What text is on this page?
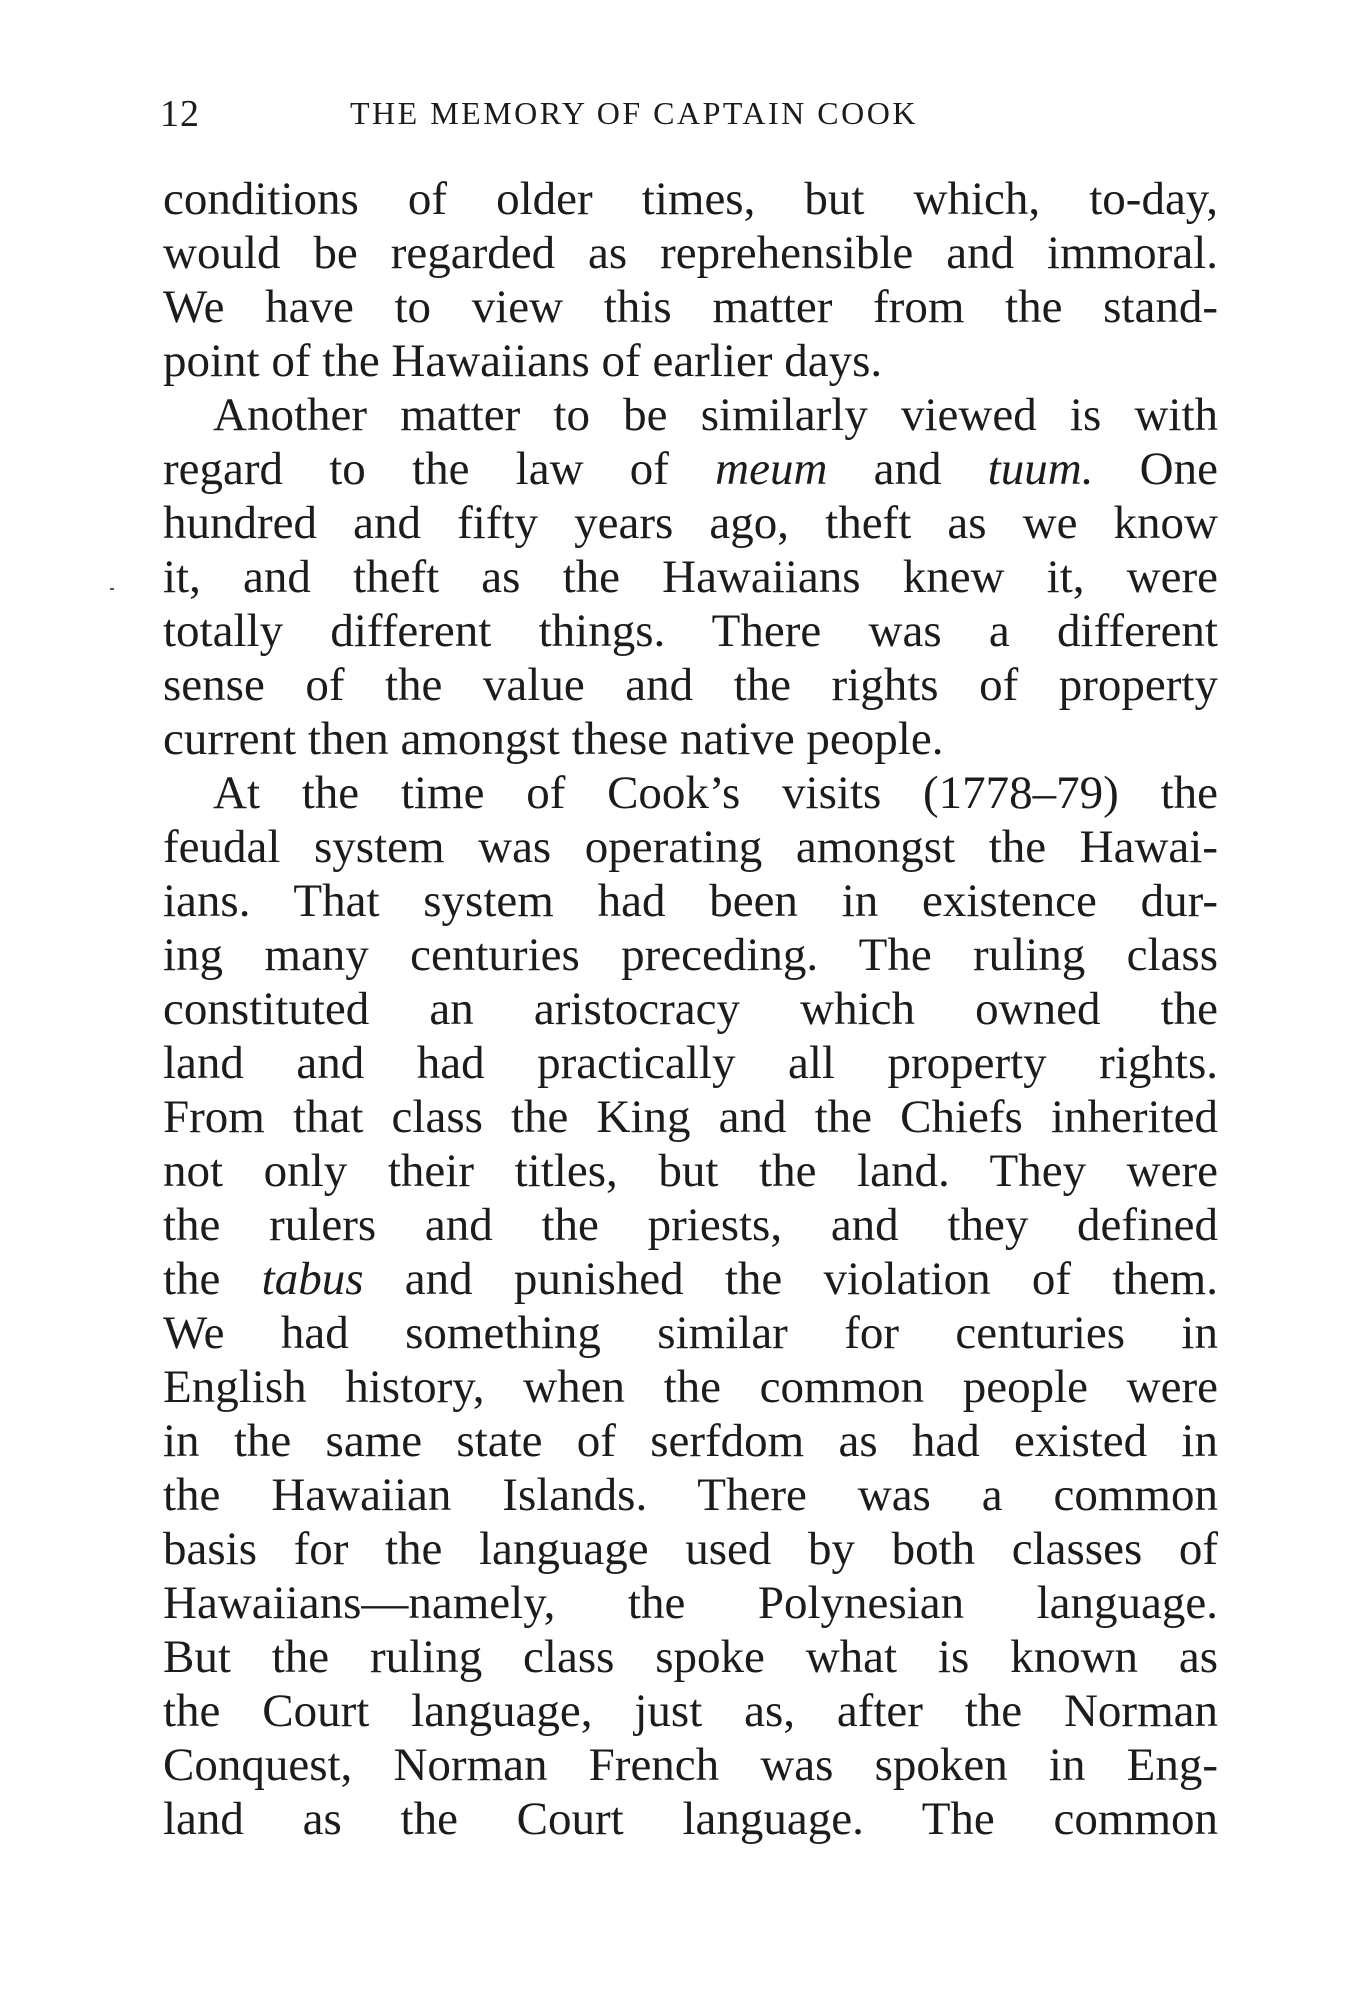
12	THE MEMORY OF CAPTAIN COOK
conditions of older times, but which, to-day,
would be regarded as reprehensible and immoral.
We have to view this matter from the stand-
point of the Hawaiians of earlier days.
Another matter to be similarly viewed is with
regard to the law of meum and tuum. One
hundred and fifty years ago, theft as we know
it, and theft as the Hawaiians knew it, were
totally different things. There was a different
sense of the value and the rights of property
current then amongst these native people.
At the time of Cook’s visits (1778–79) the
feudal system was operating amongst the Hawai-
ians. That system had been in existence dur-
ing many centuries preceding. The ruling class
constituted an aristocracy which owned the
land and had practically all property rights.
From that class the King and the Chiefs inherited
not only their titles, but the land. They were
the rulers and the priests, and they defined
the tabus and punished the violation of them.
We had something similar for centuries in
English history, when the common people were
in the same state of serfdom as had existed in
the Hawaiian Islands. There was a common
basis for the language used by both classes of
Hawaiians—namely, the Polynesian language.
But the ruling class spoke what is known as
the Court language, just as, after the Norman
Conquest, Norman French was spoken in Eng-
land as the Court language. The common
